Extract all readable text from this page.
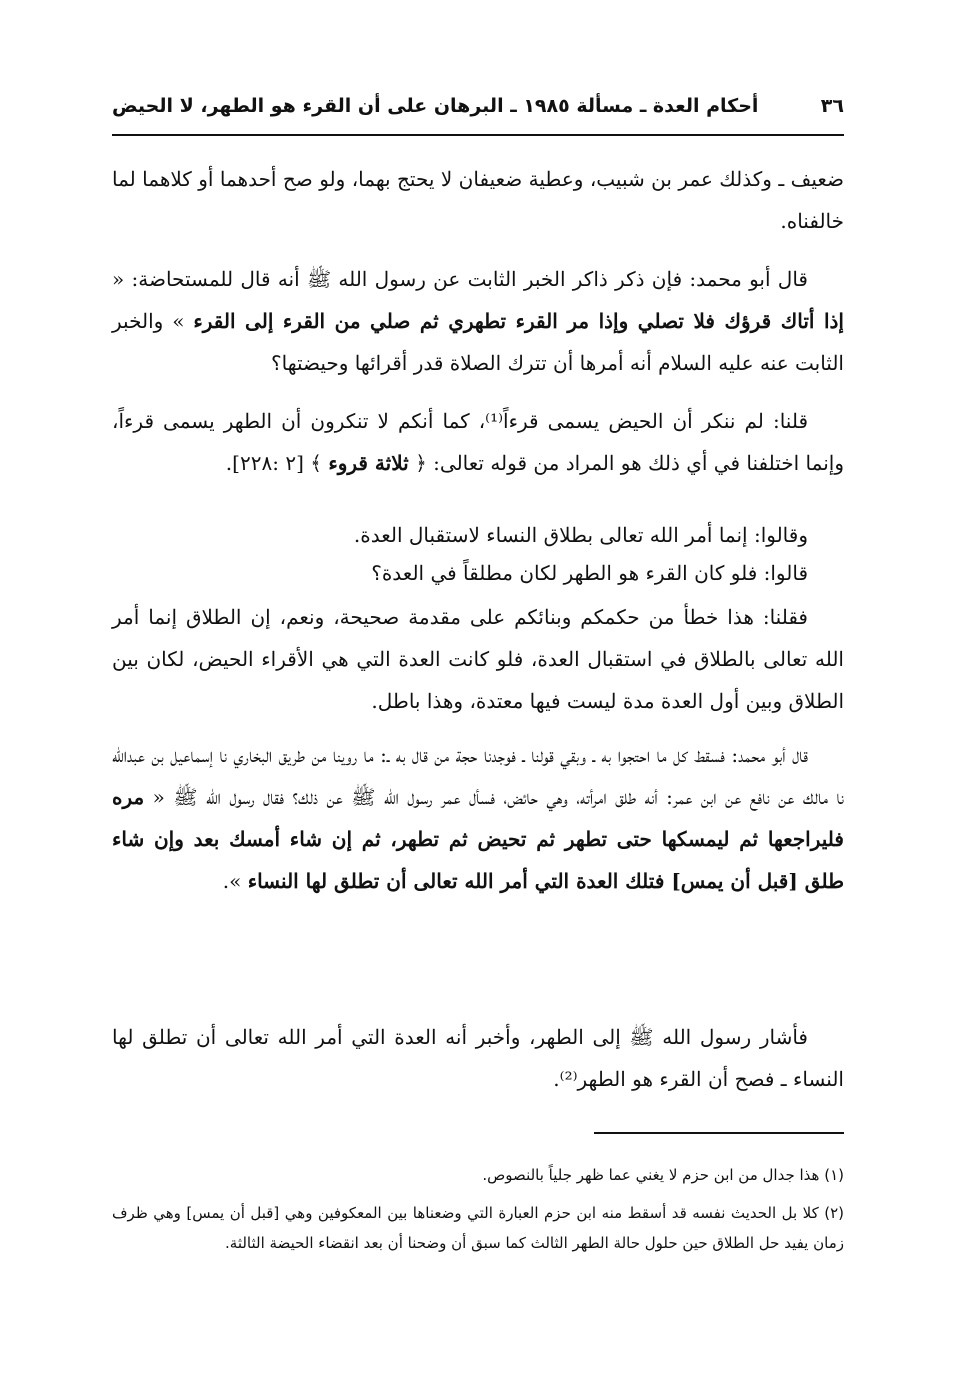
٣٦
أحكام العدة ـ مسألة ١٩٨٥ ـ البرهان على أن القرء هو الطهر، لا الحيض

ضعيف ـ وكذلك عمر بن شبيب، وعطية ضعيفان لا يحتج بهما، ولو صح أحدهما أو كلاهما لما خالفناه.

قال أبو محمد: فإن ذكر ذاكر الخبر الثابت عن رسول الله ﷺ أنه قال للمستحاضة: « إذا أتاك قرؤك فلا تصلي وإذا مر القرء تطهري ثم صلي من القرء إلى القرء » والخبر الثابت عنه عليه السلام أنه أمرها أن تترك الصلاة قدر أقرائها وحيضتها؟

قلنا: لم ننكر أن الحيض يسمى قرءاً⁽¹⁾، كما أنكم لا تنكرون أن الطهر يسمى قرءاً، وإنما اختلفنا في أي ذلك هو المراد من قوله تعالى: ﴿ ثلاثة قروء ﴾ [٢ :٢٢٨].

وقالوا: إنما أمر الله تعالى بطلاق النساء لاستقبال العدة.

قالوا: فلو كان القرء هو الطهر لكان مطلقاً في العدة؟

فقلنا: هذا خطأ من حكمكم وبنائكم على مقدمة صحيحة، ونعم، إن الطلاق إنما أمر الله تعالى بالطلاق في استقبال العدة، فلو كانت العدة التي هي الأقراء الحيض، لكان بين الطلاق وبين أول العدة مدة ليست فيها معتدة، وهذا باطل.

قال أبو محمد: فسقط كل ما احتجوا به ـ وبقي قولنا ـ فوجدنا حجة من قال به ـ: ما روينا من طريق البخاري نا إسماعيل بن عبدالله نا مالك عن نافع عن ابن عمر: أنه طلق امرأته، وهي حائض، فسأل عمر رسول الله ﷺ عن ذلك؟ فقال رسول الله ﷺ « مره فليراجعها ثم ليمسكها حتى تطهر ثم تحيض ثم تطهر، ثم إن شاء أمسك بعد وإن شاء طلق [قبل أن يمس] فتلك العدة التي أمر الله تعالى أن تطلق لها النساء ».

فأشار رسول الله ﷺ إلى الطهر، وأخبر أنه العدة التي أمر الله تعالى أن تطلق لها النساء ـ فصح أن القرء هو الطهر⁽²⁾.

(١) هذا جدال من ابن حزم لا يغني عما ظهر جلياً بالنصوص.

(٢) كلا بل الحديث نفسه قد أسقط منه ابن حزم العبارة التي وضعناها بين المعكوفين وهي [قبل أن يمس] وهي ظرف زمان يفيد حل الطلاق حين حلول حالة الطهر الثالث كما سبق أن وضحنا أن بعد انقضاء الحيضة الثالثة.
